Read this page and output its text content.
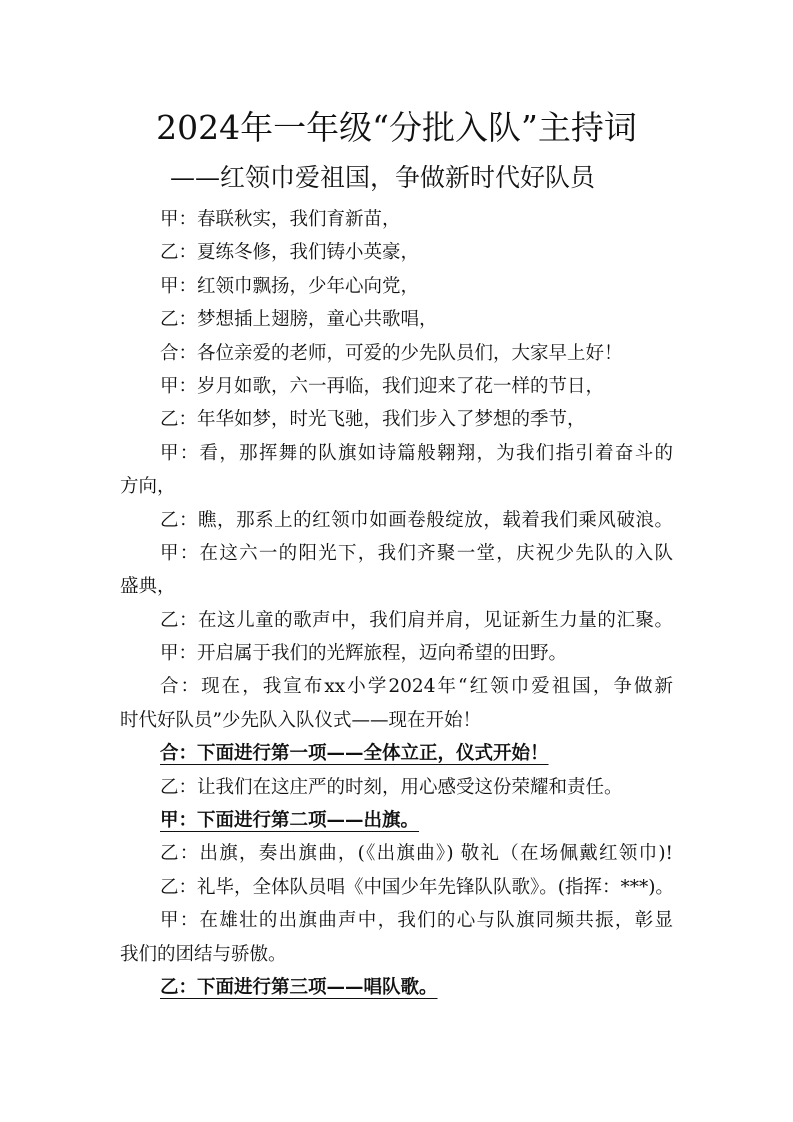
2024年一年级“分批入队”主持词
——红领巾爱祖国，争做新时代好队员
甲：春联秋实，我们育新苗，
乙：夏练冬修，我们铸小英豪，
甲：红领巾飘扬，少年心向党，
乙：梦想插上翅膀，童心共歌唱，
合：各位亲爱的老师，可爱的少先队员们，大家早上好！
甲：岁月如歌，六一再临，我们迎来了花一样的节日，
乙：年华如梦，时光飞驰，我们步入了梦想的季节，
甲：看，那挥舞的队旗如诗篇般翱翔，为我们指引着奋斗的
方向，
乙：瞧，那系上的红领巾如画卷般绽放，载着我们乘风破浪。
甲：在这六一的阳光下，我们齐聚一堂，庆祝少先队的入队
盛典，
乙：在这儿童的歌声中，我们肩并肩，见证新生力量的汇聚。
甲：开启属于我们的光辉旅程，迈向希望的田野。
合：现在，我宣布xx小学2024年“红领巾爱祖国，争做新
时代好队员”少先队入队仪式——现在开始！
合：下面进行第一项——全体立正，仪式开始！
乙：让我们在这庄严的时刻，用心感受这份荣耀和责任。
甲：下面进行第二项——出旗。
乙：出旗，奏出旗曲，(《出旗曲》) 敬礼（在场佩戴红领巾)!
乙：礼毕，全体队员唱《中国少年先锋队队歌》。(指挥：***)。
甲：在雄壮的出旗曲声中，我们的心与队旗同频共振，彰显
我们的团结与骄傲。
乙：下面进行第三项——唱队歌。
